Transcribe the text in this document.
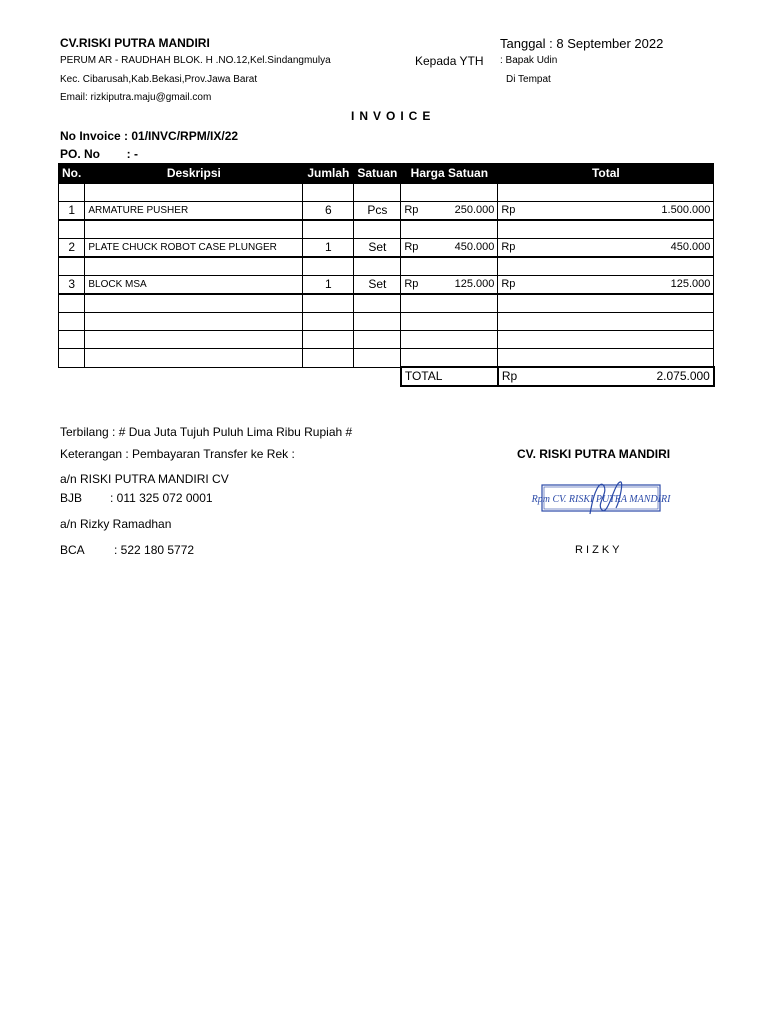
CV.RISKI PUTRA MANDIRI
PERUM AR - RAUDHAH BLOK. H .NO.12,Kel.Sindangmulya
Kec. Cibarusah,Kab.Bekasi,Prov.Jawa Barat
Email: rizkiputra.maju@gmail.com
Tanggal : 8 September 2022
Kepada YTH : Bapak Udin
Di Tempat
INVOICE
No Invoice : 01/INVC/RPM/IX/22
PO. No        : -
No.	Deskripsi	Jumlah	Satuan	Harga Satuan	Total

1	ARMATURE PUSHER	6	Pcs	Rp 250.000	Rp 1.500.000

2	PLATE CHUCK ROBOT CASE PLUNGER	1	Set	Rp 450.000	Rp 450.000

3	BLOCK MSA	1	Set	Rp 125.000	Rp 125.000

				TOTAL	Rp 2.075.000
Terbilang : # Dua Juta Tujuh Puluh Lima Ribu Rupiah #
Keterangan : Pembayaran Transfer ke Rek :
a/n RISKI PUTRA MANDIRI CV
BJB : 011 325 072 0001
a/n Rizky Ramadhan
BCA : 522 180 5772
CV. RISKI PUTRA MANDIRI
Rpm CV. RISKI PUTRA MANDIRI
R I Z K Y
